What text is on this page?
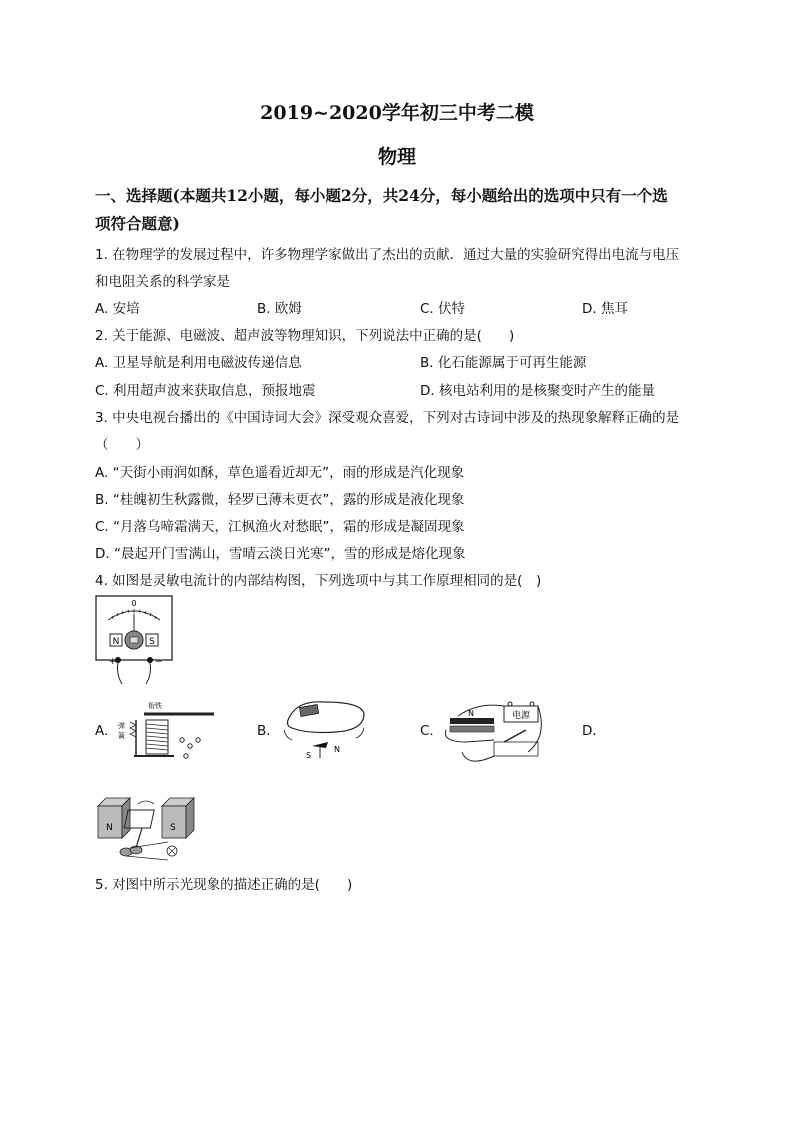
2019~2020学年初三中考二模
物理
一、选择题(本题共12小题，每小题2分，共24分，每小题给出的选项中只有一个选
项符合题意)
1. 在物理学的发展过程中，许多物理学家做出了杰出的贡献．通过大量的实验研究得出电流与电压
和电阻关系的科学家是
A. 安培	B. 欧姆	C. 伏特	D. 焦耳
2. 关于能源、电磁波、超声波等物理知识，下列说法中正确的是(　　)
A. 卫星导航是利用电磁波传递信息	B. 化石能源属于可再生能源
C. 利用超声波来获取信息，预报地震	D. 核电站利用的是核聚变时产生的能量
3. 中央电视台播出的《中国诗词大会》深受观众喜爱，下列对古诗词中涉及的热现象解释正确的是
（　　）
A. “天街小雨润如酥，草色遥看近却无”，雨的形成是汽化现象
B. “桂魄初生秋露微，轻罗已薄未更衣”，露的形成是液化现象
C. “月落乌啼霜满天，江枫渔火对愁眠”，霜的形成是凝固现象
D. “晨起开门雪满山，雪晴云淡日光寒”，雪的形成是熔化现象
4. 如图是灵敏电流计的内部结构图，下列选项中与其工作原理相同的是(　)
0
N	S
+	−
A.	B.	C.	D.
衔铁
弹
簧
S
N
电源
N
N	S
5. 对图中所示光现象的描述正确的是(　　)
